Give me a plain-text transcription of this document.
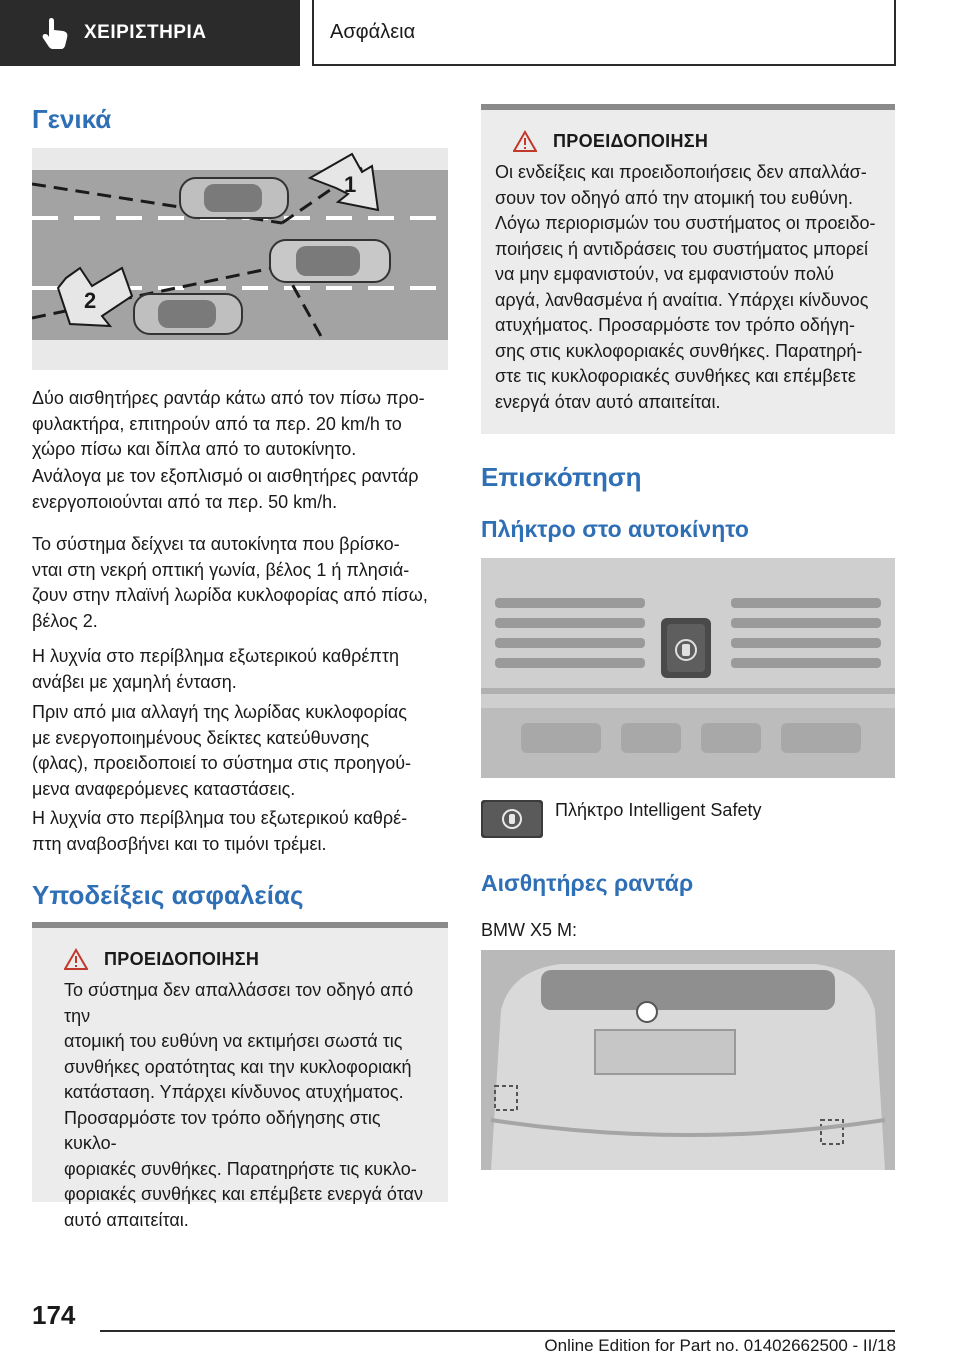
ΧΕΙΡΙΣΤΗΡΙΑ	Ασφάλεια
Γενικά
1
2
Δύο αισθητήρες ραντάρ κάτω από τον πίσω προ-
φυλακτήρα, επιτηρούν από τα περ. 20 km/h το
χώρο πίσω και δίπλα από το αυτοκίνητο.
Ανάλογα με τον εξοπλισμό οι αισθητήρες ραντάρ
ενεργοποιούνται από τα περ. 50 km/h.
Το σύστημα δείχνει τα αυτοκίνητα που βρίσκο-
νται στη νεκρή οπτική γωνία, βέλος 1 ή πλησιά-
ζουν στην πλαϊνή λωρίδα κυκλοφορίας από πίσω,
βέλος 2.
Η λυχνία στο περίβλημα εξωτερικού καθρέπτη
ανάβει με χαμηλή ένταση.
Πριν από μια αλλαγή της λωρίδας κυκλοφορίας
με ενεργοποιημένους δείκτες κατεύθυνσης
(φλας), προειδοποιεί το σύστημα στις προηγού-
μενα αναφερόμενες καταστάσεις.
Η λυχνία στο περίβλημα του εξωτερικού καθρέ-
πτη αναβοσβήνει και το τιμόνι τρέμει.
Υποδείξεις ασφαλείας
ΠΡΟΕΙΔΟΠΟΙΗΣΗ
Το σύστημα δεν απαλλάσσει τον οδηγό από την
ατομική του ευθύνη να εκτιμήσει σωστά τις
συνθήκες ορατότητας και την κυκλοφοριακή
κατάσταση. Υπάρχει κίνδυνος ατυχήματος.
Προσαρμόστε τον τρόπο οδήγησης στις κυκλο-
φοριακές συνθήκες. Παρατηρήστε τις κυκλο-
φοριακές συνθήκες και επέμβετε ενεργά όταν
αυτό απαιτείται.
ΠΡΟΕΙΔΟΠΟΙΗΣΗ
Οι ενδείξεις και προειδοποιήσεις δεν απαλλάσ-
σουν τον οδηγό από την ατομική του ευθύνη.
Λόγω περιορισμών του συστήματος οι προειδο-
ποιήσεις ή αντιδράσεις του συστήματος μπορεί
να μην εμφανιστούν, να εμφανιστούν πολύ
αργά, λανθασμένα ή αναίτια. Υπάρχει κίνδυνος
ατυχήματος. Προσαρμόστε τον τρόπο οδήγη-
σης στις κυκλοφοριακές συνθήκες. Παρατηρή-
στε τις κυκλοφοριακές συνθήκες και επέμβετε
ενεργά όταν αυτό απαιτείται.
Επισκόπηση
Πλήκτρο στο αυτοκίνητο
Πλήκτρο Intelligent Safety
Αισθητήρες ραντάρ
BMW X5 M:
174
Online Edition for Part no. 01402662500 - II/18
